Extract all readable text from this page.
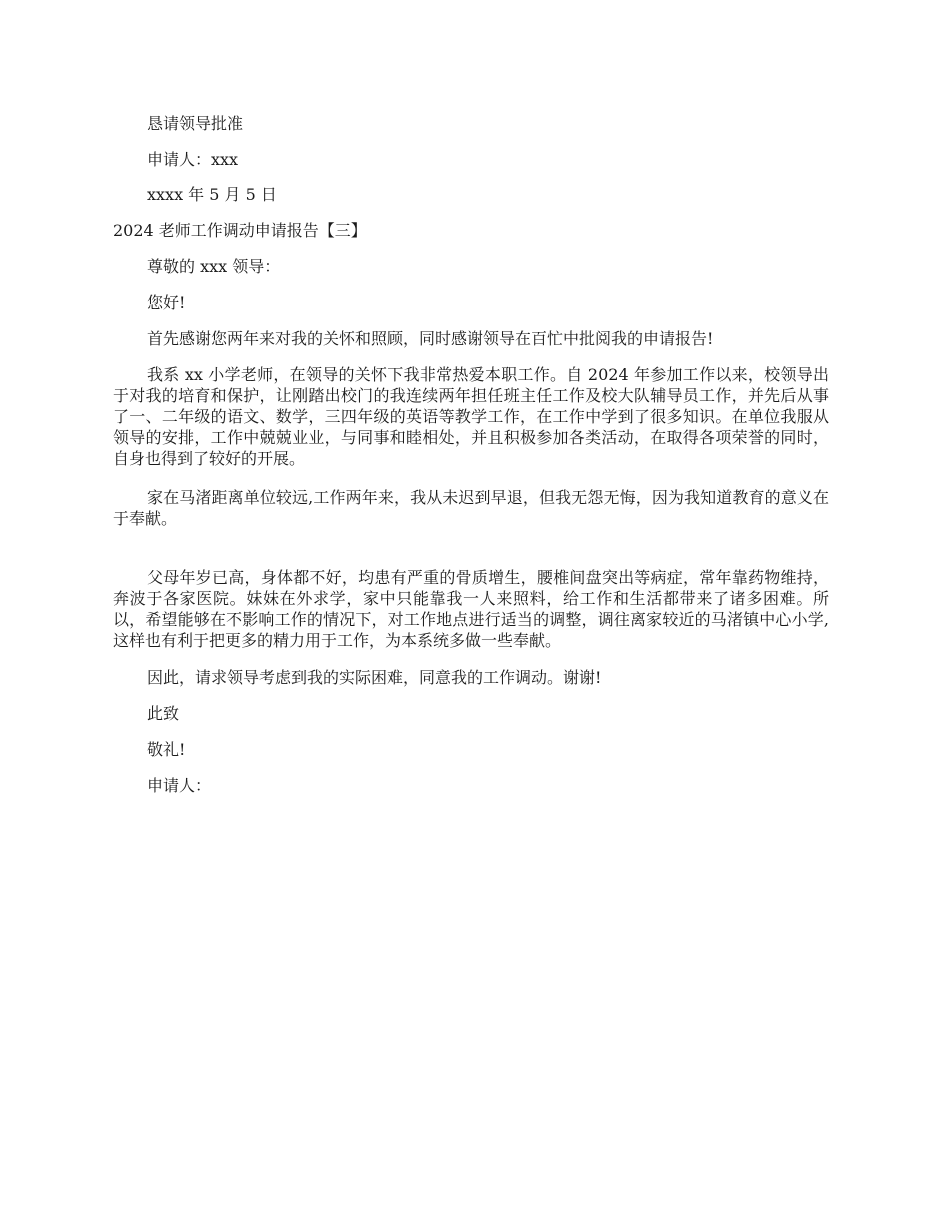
恳请领导批准

申请人：xxx

xxxx 年 5 月 5 日

2024 老师工作调动申请报告【三】

尊敬的 xxx 领导：

您好!

首先感谢您两年来对我的关怀和照顾，同时感谢领导在百忙中批阅我的申请报告!

我系 xx 小学老师，在领导的关怀下我非常热爱本职工作。自 2024 年参加工作以来，校领导出于对我的培育和保护，让刚踏出校门的我连续两年担任班主任工作及校大队辅导员工作，并先后从事了一、二年级的语文、数学，三四年级的英语等教学工作，在工作中学到了很多知识。在单位我服从领导的安排，工作中兢兢业业，与同事和睦相处，并且积极参加各类活动，在取得各项荣誉的同时，自身也得到了较好的开展。

家在马渚距离单位较远,工作两年来，我从未迟到早退，但我无怨无悔，因为我知道教育的意义在于奉献。

父母年岁已高，身体都不好，均患有严重的骨质增生，腰椎间盘突出等病症，常年靠药物维持，奔波于各家医院。妹妹在外求学，家中只能靠我一人来照料，给工作和生活都带来了诸多困难。所以，希望能够在不影响工作的情况下，对工作地点进行适当的调整，调往离家较近的马渚镇中心小学,这样也有利于把更多的精力用于工作，为本系统多做一些奉献。

因此，请求领导考虑到我的实际困难，同意我的工作调动。谢谢!

此致

敬礼!

申请人：
